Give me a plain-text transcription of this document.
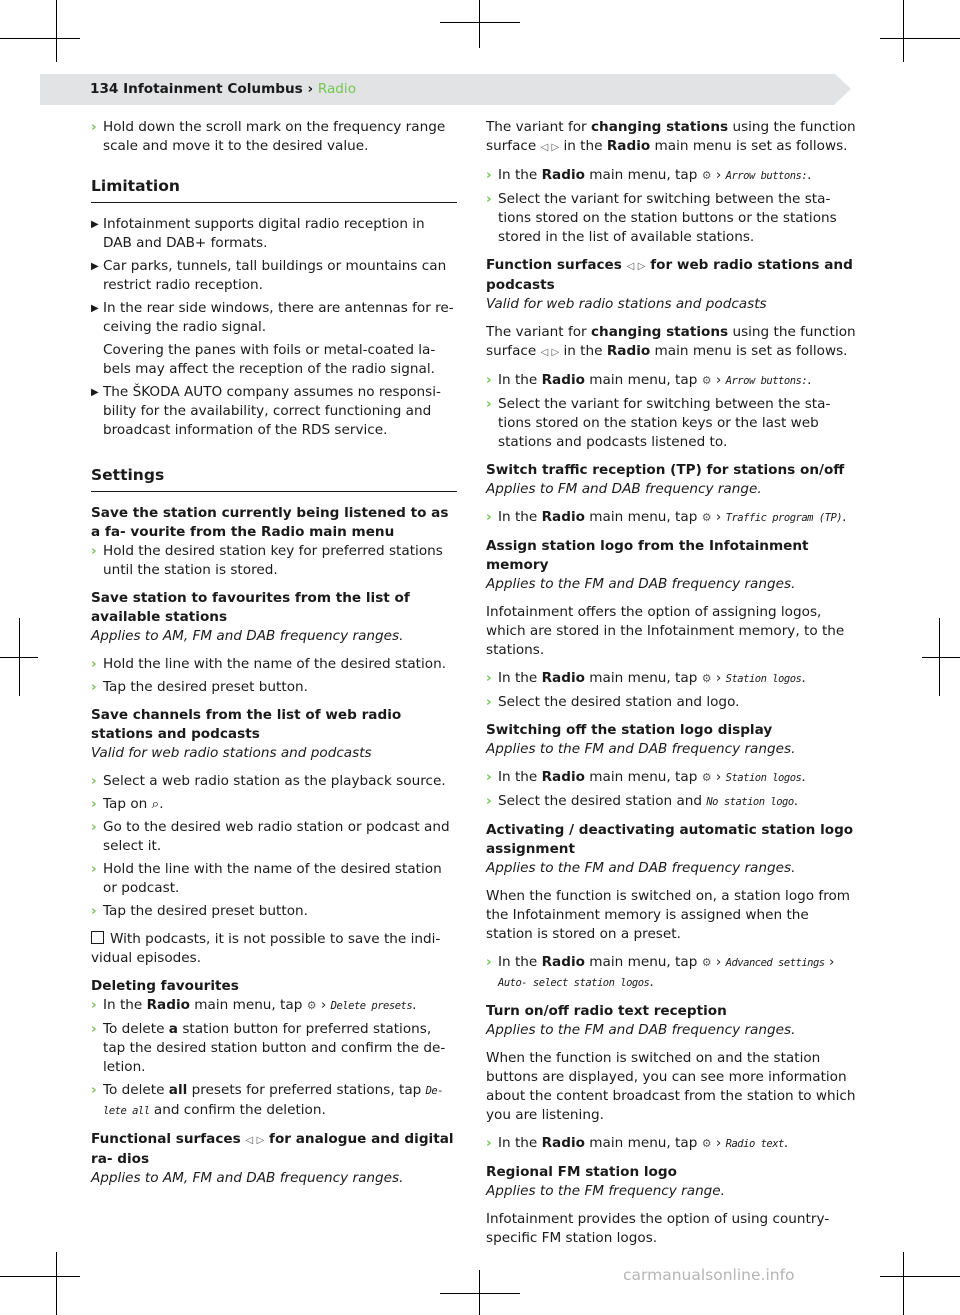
134 Infotainment Columbus › Radio
› Hold down the scroll mark on the frequency range scale and move it to the desired value.
Limitation
▶ Infotainment supports digital radio reception in DAB and DAB+ formats.
▶ Car parks, tunnels, tall buildings or mountains can restrict radio reception.
▶ In the rear side windows, there are antennas for re- ceiving the radio signal.
Covering the panes with foils or metal-coated la- bels may affect the reception of the radio signal.
▶ The ŠKODA AUTO company assumes no responsi- bility for the availability, correct functioning and broadcast information of the RDS service.
Settings

Save the station currently being listened to as a fa- vourite from the Radio main menu

› Hold the desired station key for preferred stations until the station is stored.

Save station to favourites from the list of available stations

Applies to AM, FM and DAB frequency ranges.

› Hold the line with the name of the desired station.
› Tap the desired preset button.

Save channels from the list of web radio stations and podcasts

Valid for web radio stations and podcasts

› Select a web radio station as the playback source.
› Tap on ⌕.
› Go to the desired web radio station or podcast and select it.
› Hold the line with the name of the desired station or podcast.
› Tap the desired preset button.

With podcasts, it is not possible to save the indi- vidual episodes.

Deleting favourites

› In the Radio main menu, tap ⚙ › Delete presets.
› To delete a station button for preferred stations, tap the desired station button and confirm the de- letion.
› To delete all presets for preferred stations, tap De- lete all and confirm the deletion.

Functional surfaces ◁ ▷ for analogue and digital ra- dios

Applies to AM, FM and DAB frequency ranges.

The variant for changing stations using the function surface ◁ ▷ in the Radio main menu is set as follows.

› In the Radio main menu, tap ⚙ › Arrow buttons:.
› Select the variant for switching between the sta- tions stored on the station buttons or the stations stored in the list of available stations.

Function surfaces ◁ ▷ for web radio stations and podcasts

Valid for web radio stations and podcasts

The variant for changing stations using the function surface ◁ ▷ in the Radio main menu is set as follows.

› In the Radio main menu, tap ⚙ › Arrow buttons:.
› Select the variant for switching between the sta- tions stored on the station keys or the last web stations and podcasts listened to.

Switch traffic reception (TP) for stations on/off

Applies to FM and DAB frequency range.

› In the Radio main menu, tap ⚙ › Traffic program (TP).

Assign station logo from the Infotainment memory

Applies to the FM and DAB frequency ranges.

Infotainment offers the option of assigning logos, which are stored in the Infotainment memory, to the stations.

› In the Radio main menu, tap ⚙ › Station logos.
› Select the desired station and logo.

Switching off the station logo display

Applies to the FM and DAB frequency ranges.

› In the Radio main menu, tap ⚙ › Station logos.
› Select the desired station and No station logo.

Activating / deactivating automatic station logo assignment

Applies to the FM and DAB frequency ranges.

When the function is switched on, a station logo from the Infotainment memory is assigned when the station is stored on a preset.

› In the Radio main menu, tap ⚙ › Advanced settings › Auto- select station logos.

Turn on/off radio text reception

Applies to the FM and DAB frequency ranges.

When the function is switched on and the station buttons are displayed, you can see more information about the content broadcast from the station to which you are listening.

› In the Radio main menu, tap ⚙ › Radio text.

Regional FM station logo

Applies to the FM frequency range.

Infotainment provides the option of using country- specific FM station logos.

carmanualsonline.info
